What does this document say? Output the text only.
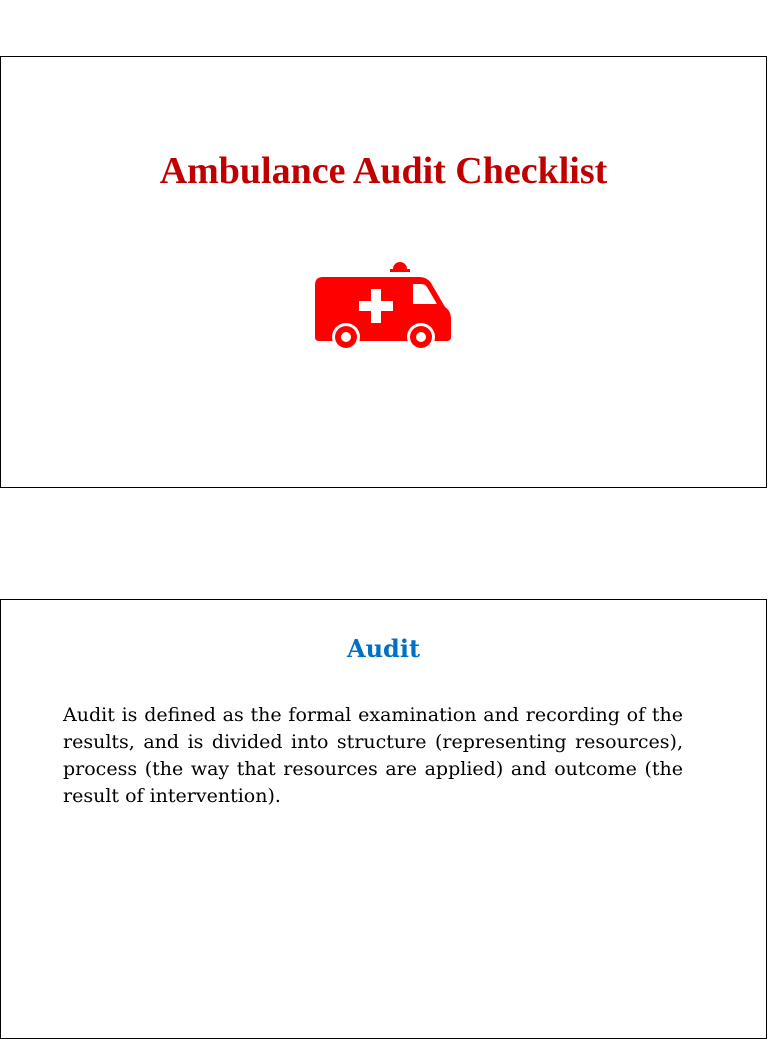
Ambulance Audit Checklist
Audit

Audit is defined as the formal examination and recording of the results, and is divided into structure (representing resources), process (the way that resources are applied) and outcome (the result of intervention).
